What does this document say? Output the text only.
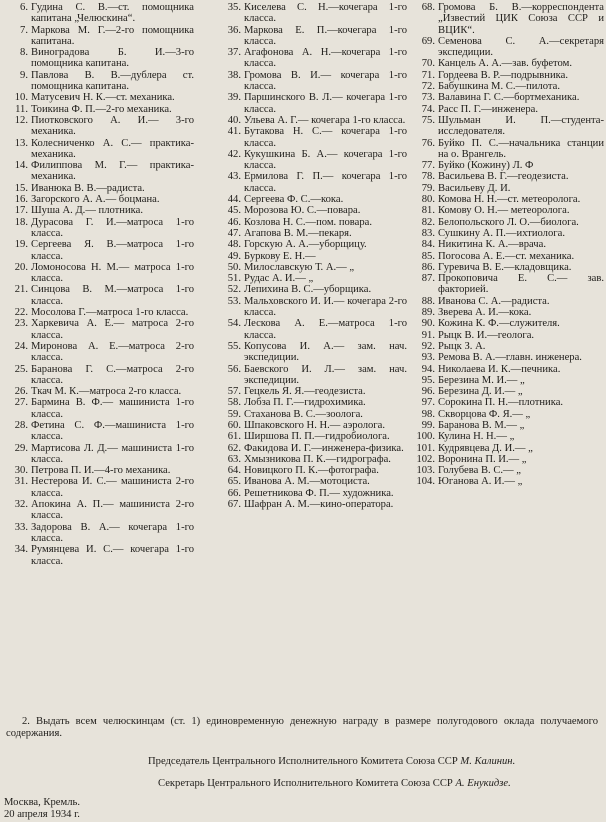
6. Гудина С. В.—ст. помощника капитана „Челюскина“.
7. Маркова М. Г.—2-го помощника капитана.
8. Виноградова Б. И.—3-го помощника капитана.
9. Павлова В. В.—дублера ст. помощника капитана.
10. Матусевич Н. К.—ст. механика.
11. Тоикина Ф. П.—2-го механика.
12. Пиотковского А. И.— 3-го механика.
13. Колесниченко А. С.— практика-механика.
14. Филиппова М. Г.— практика-механика.
15. Иванюка В. В.—радиста.
16. Загорского А. А.— боцмана.
17. Шуша А. Д.— плотника.
18. Дурасова Г. И.—матроса 1-го класса.
19. Сергеева Я. В.—матроса 1-го класса.
20. Ломоносова Н. М.— матроса 1-го класса.
21. Синцова В. М.—матроса 1-го класса.
22. Мосолова Г.—матроса 1-го класса.
23. Харкевича А. Е.— матроса 2-го класса.
24. Миронова А. Е.—матроса 2-го класса.
25. Баранова Г. С.—матроса 2-го класса.
26. Ткач М. К.—матроса 2-го класса.
27. Бармина В. Ф.— машиниста 1-го класса.
28. Фетина С. Ф.—машиниста 1-го класса.
29. Мартисова Л. Д.— машиниста 1-го класса.
30. Петрова П. И.—4-го механика.
31. Нестерова И. С.— машиниста 2-го класса.
32. Апокина А. П.— машиниста 2-го класса.
33. Задорова В. А.— кочегара 1-го класса.
34. Румянцева И. С.— кочегара 1-го класса.
35. Киселева С. Н.—кочегара 1-го класса.
36. Маркова Е. П.—кочегара 1-го класса.
37. Агафонова А. Н.—кочегара 1-го класса.
38. Громова В. И.— кочегара 1-го класса.
39. Паршинского В. Л.— кочегара 1-го класса.
40. Ульева А. Г.— кочегара 1-го класса.
41. Бутакова Н. С.— кочегара 1-го класса.
42. Кукушкина Б. А.— кочегара 1-го класса.
43. Ермилова Г. П.— кочегара 1-го класса.
44. Сергеева Ф. С.—кока.
45. Морозова Ю. С.—повара.
46. Козлова Н. С.—пом. повара.
47. Агапова В. М.—пекаря.
48. Горскую А. А.—уборщицу.
49. Буркову Е. Н.—
50. Милославскую Т. А.— „
51. Рудас А. И.— „
52. Лепихина В. С.—уборщика.
53. Мальховского И. И.— кочегара 2-го класса.
54. Лескова А. Е.—матроса 1-го класса.
55. Копусова И. А.— зам. нач. экспедиции.
56. Баевского И. Л.— зам. нач. экспедиции.
57. Гецкель Я. Я.—геодезиста.
58. Лобза П. Г.—гидрохимика.
59. Стаханова В. С.—зоолога.
60. Шпаковского Н. Н.— аэролога.
61. Ширшова П. П.—гидробиолога.
62. Факидова И. Г.—инженера-физика.
63. Хмызникова П. К.—гидрографа.
64. Новицкого П. К.—фотографа.
65. Иванова А. М.—мотоциста.
66. Решетникова Ф. П.— художника.
67. Шафран А. М.—кино-оператора.
68. Громова Б. В.—корреспондента „Известий ЦИК Союза ССР и ВЦИК“.
69. Семенова С. А.—секретаря экспедиции.
70. Канцель А. А.—зав. буфетом.
71. Гордеева В. Р.—подрывника.
72. Бабушкина М. С.—пилота.
73. Валавина Г. С.—бортмеханика.
74. Расс П. Г.—инженера.
75. Шульман И. П.—студента-исследователя.
76. Буйко П. С.—начальника станции на о. Врангель.
77. Буйко (Кожину) Л. Ф
78. Васильева В. Г.—геодезиста.
79. Васильеву Д. И.
80. Комова Н. Н.—ст. метеоролога.
81. Комову О. Н.— метеоролога.
82. Белопольского Л. О.—биолога.
83. Сушкину А. П.—ихтиолога.
84. Никитина К. А.—врача.
85. Погосова А. Е.—ст. механика.
86. Гуревича В. Е.—кладовщика.
87. Прокоповича Е. С.— зав. факторией.
88. Иванова С. А.—радиста.
89. Зверева А. И.—кока.
90. Кожина К. Ф.—служителя.
91. Рыцк В. И.—геолога.
92. Рыцк З. А.
93. Ремова В. А.—главн. инженера.
94. Николаева И. К.—печника.
95. Березина М. И.— „
96. Березина Д. И.— „
97. Сорокина П. Н.—плотника.
98. Скворцова Ф. Я.— „
99. Баранова В. М.— „
100. Кулина Н. Н.— „
101. Кудрявцева Д. И.— „
102. Воронина П. И.— „
103. Голубева В. С.— „
104. Юганова А. И.— „
2. Выдать всем челюскинцам (ст. 1) единовременную денежную награду в размере полугодового оклада получаемого содержания.
Председатель Центрального Исполнительного Комитета Союза ССР М. Калинин.
Секретарь Центрального Исполнительного Комитета Союза ССР А. Енукидзе.
Москва, Кремль.
20 апреля 1934 г.
